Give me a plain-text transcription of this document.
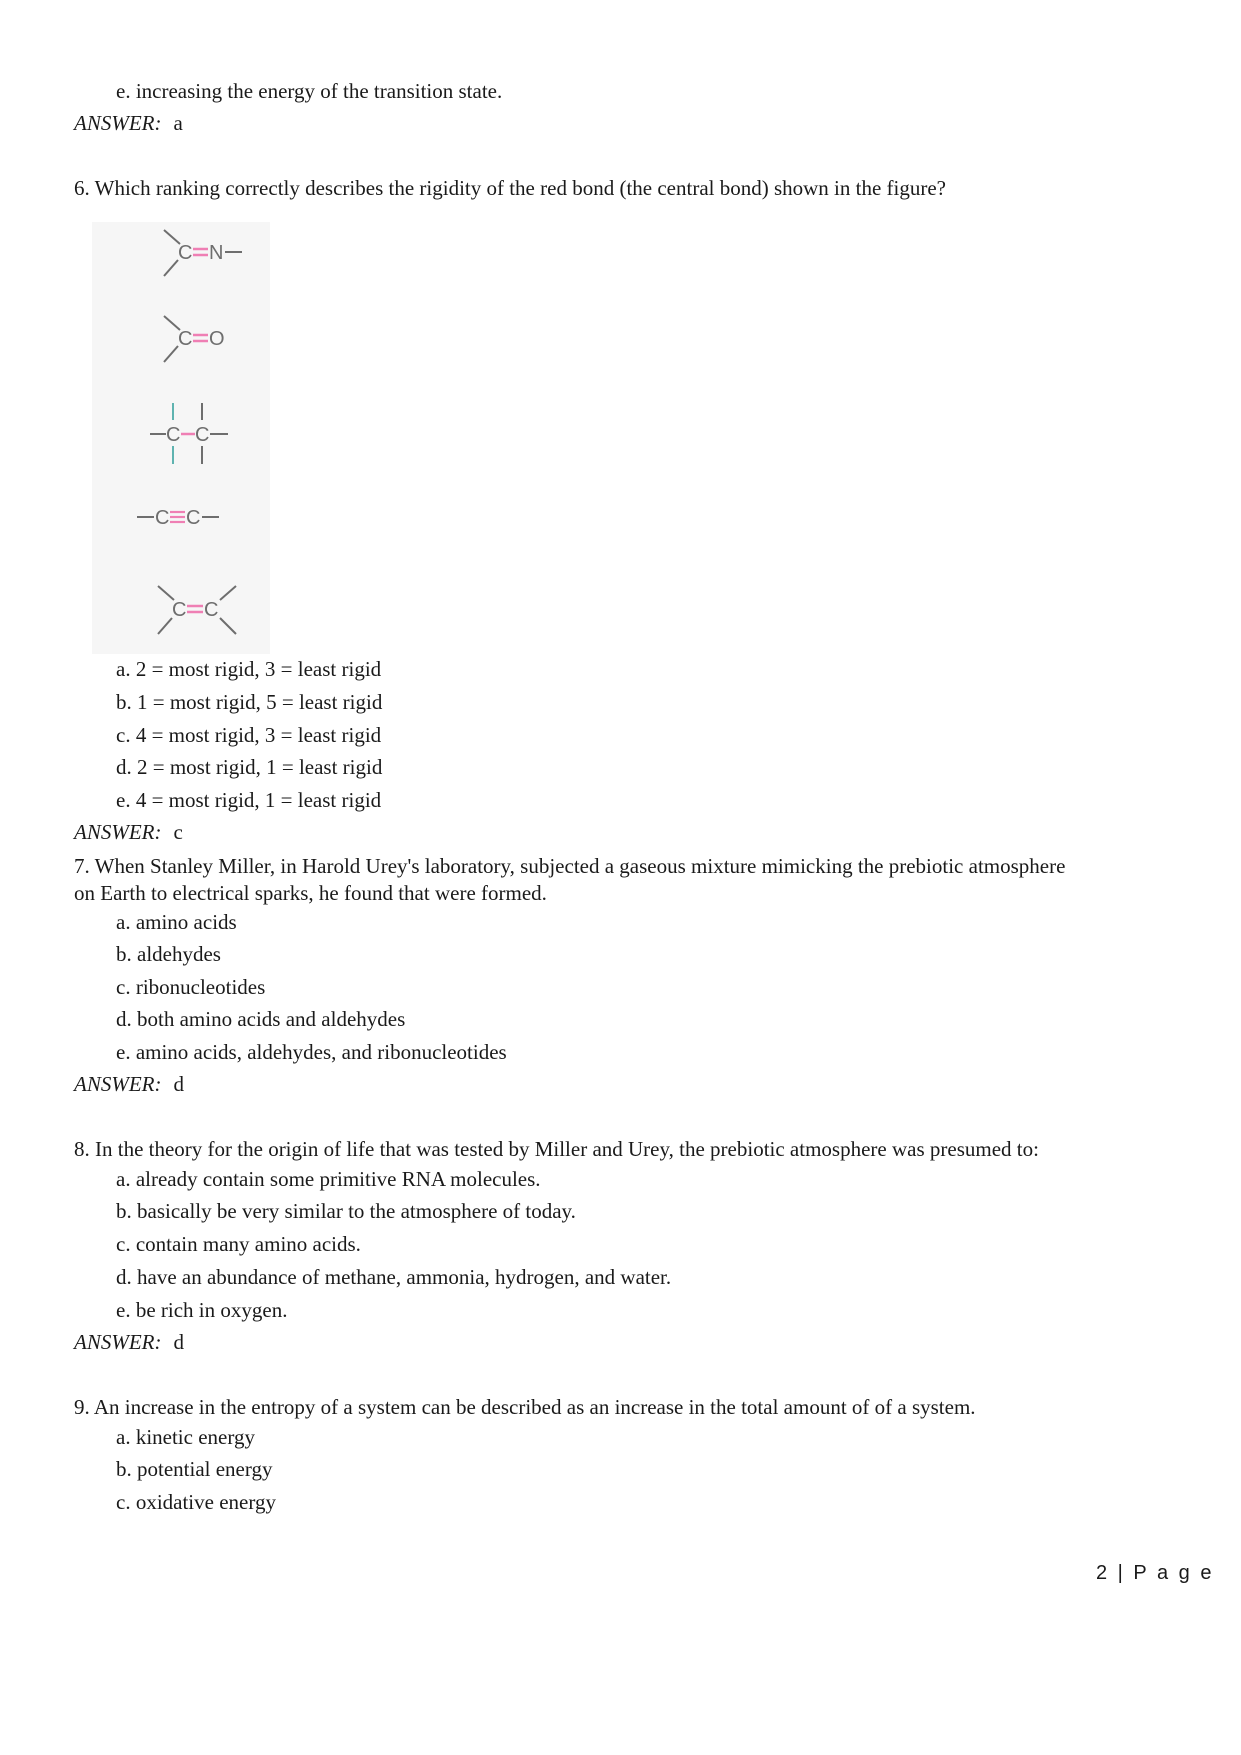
e. increasing the energy of the transition state.
ANSWER: a
6. Which ranking correctly describes the rigidity of the red bond (the central bond) shown in the figure?
C N
C O
C C
C C
C C
a. 2 = most rigid, 3 = least rigid
b. 1 = most rigid, 5 = least rigid
c. 4 = most rigid, 3 = least rigid
d. 2 = most rigid, 1 = least rigid
e. 4 = most rigid, 1 = least rigid
ANSWER: c
7. When Stanley Miller, in Harold Urey's laboratory, subjected a gaseous mixture mimicking the prebiotic atmosphere
on Earth to electrical sparks, he found that were formed.
a. amino acids
b. aldehydes
c. ribonucleotides
d. both amino acids and aldehydes
e. amino acids, aldehydes, and ribonucleotides
ANSWER: d
8. In the theory for the origin of life that was tested by Miller and Urey, the prebiotic atmosphere was presumed to:
a. already contain some primitive RNA molecules.
b. basically be very similar to the atmosphere of today.
c. contain many amino acids.
d. have an abundance of methane, ammonia, hydrogen, and water.
e. be rich in oxygen.
ANSWER: d
9. An increase in the entropy of a system can be described as an increase in the total amount of of a system.
a. kinetic energy
b. potential energy
c. oxidative energy
2 | P a g e
